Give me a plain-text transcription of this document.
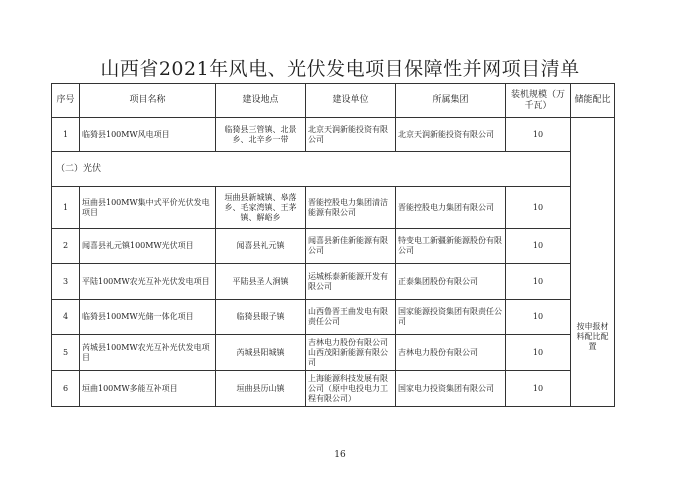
山西省2021年风电、光伏发电项目保障性并网项目清单
序号	项目名称	建设地点	建设单位	所属集团	装机规模（万千瓦）	储能配比
1	临猗县100MW风电项目	临猗县三管镇、北景乡、北辛乡一带	北京天润新能投资有限公司	北京天润新能投资有限公司	10	按申报材料配比配置

（二）光伏						
1	垣曲县100MW集中式平价光伏发电项目	垣曲县新城镇、皋落乡、毛家湾镇、王茅镇、解峪乡	晋能控股电力集团清洁能源有限公司	晋能控股电力集团有限公司	10	
2	闻喜县礼元镇100MW光伏项目	闻喜县礼元镇	闻喜县新佳新能源有限公司	特变电工新疆新能源股份有限公司	10	
3	平陆100MW农光互补光伏发电项目	平陆县圣人涧镇	运城栎泰新能源开发有限公司	正泰集团股份有限公司	10	
4	临猗县100MW光储一体化项目	临猗县眼子镇	山西鲁晋王曲发电有限责任公司	国家能源投资集团有限责任公司	10	
5	芮城县100MW农光互补光伏发电项目	芮城县阳城镇	吉林电力股份有限公司山西茂阳新能源有限公司	吉林电力股份有限公司	10	
6	垣曲100MW多能互补项目	垣曲县历山镇	上海能源科技发展有限公司（原中电投电力工程有限公司）	国家电力投资集团有限公司	10	
16
